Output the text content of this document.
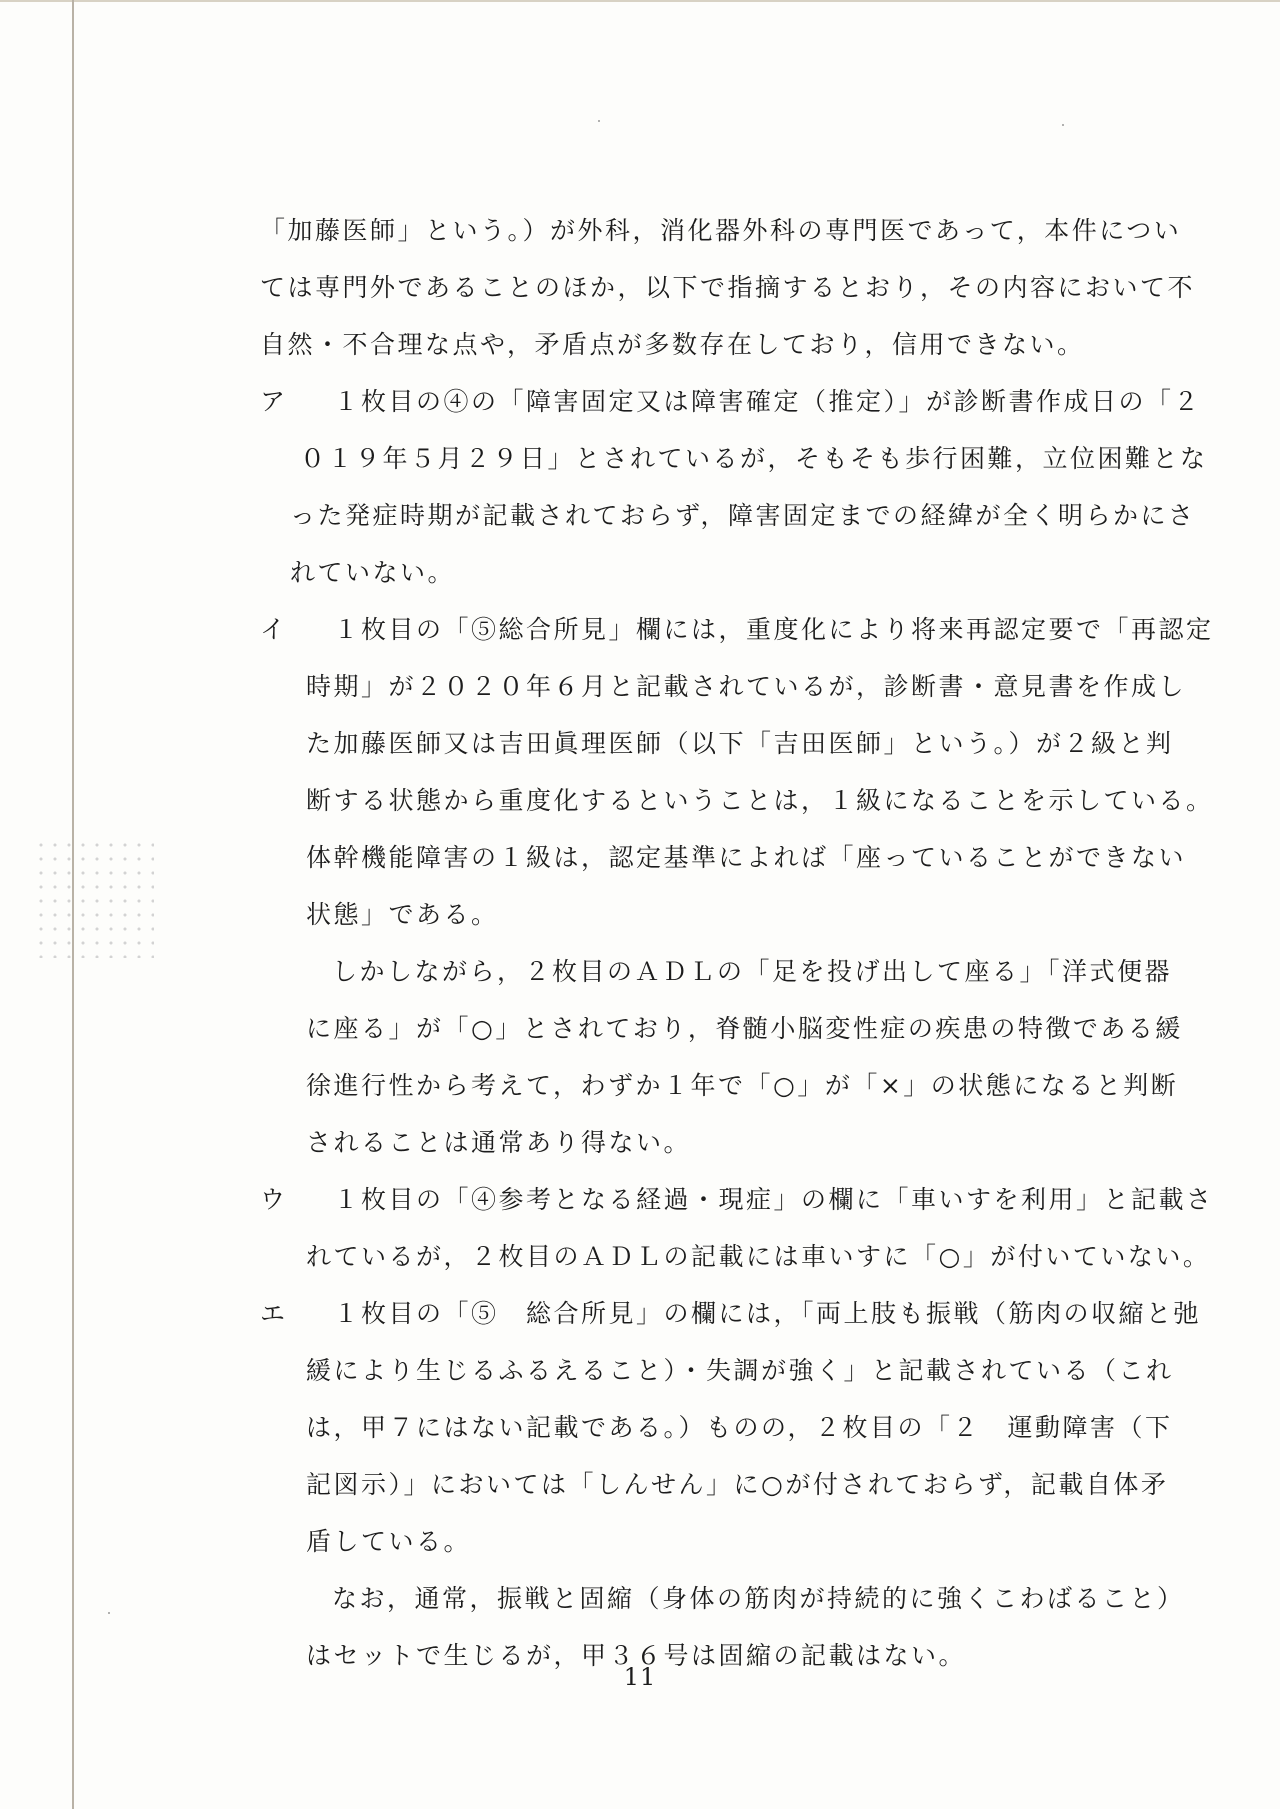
「加藤医師」という。）が外科，消化器外科の専門医であって，本件につい
ては専門外であることのほか，以下で指摘するとおり，その内容において不
自然・不合理な点や，矛盾点が多数存在しており，信用できない。
ア １枚目の④の「障害固定又は障害確定（推定）」が診断書作成日の「２
０１９年５月２９日」とされているが，そもそも歩行困難，立位困難とな
った発症時期が記載されておらず，障害固定までの経緯が全く明らかにさ
れていない。
イ １枚目の「⑤総合所見」欄には，重度化により将来再認定要で「再認定
時期」が２０２０年６月と記載されているが，診断書・意見書を作成し
た加藤医師又は吉田眞理医師（以下「吉田医師」という。）が２級と判
断する状態から重度化するということは，１級になることを示している。
体幹機能障害の１級は，認定基準によれば「座っていることができない
状態」である。
しかしながら，２枚目のＡＤＬの「足を投げ出して座る」「洋式便器
に座る」が「○」とされており，脊髄小脳変性症の疾患の特徴である緩
徐進行性から考えて，わずか１年で「○」が「×」の状態になると判断
されることは通常あり得ない。
ウ １枚目の「④参考となる経過・現症」の欄に「車いすを利用」と記載さ
れているが，２枚目のＡＤＬの記載には車いすに「○」が付いていない。
エ １枚目の「⑤　総合所見」の欄には，「両上肢も振戦（筋肉の収縮と弛
緩により生じるふるえること）・失調が強く」と記載されている（これ
は，甲７にはない記載である。）ものの，２枚目の「２　運動障害（下
記図示）」においては「しんせん」に○が付されておらず，記載自体矛
盾している。
なお，通常，振戦と固縮（身体の筋肉が持続的に強くこわばること）
はセットで生じるが，甲３６号は固縮の記載はない。
11
